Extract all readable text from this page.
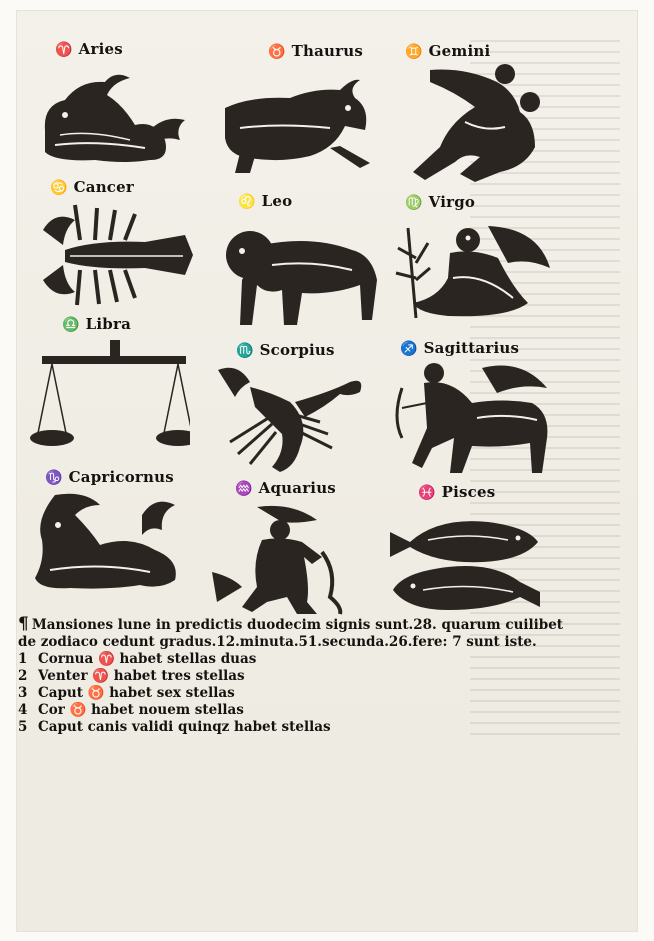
♈ Aries	♉ Thaurus	♊ Gemini
♋ Cancer
♌ Leo	♍ Virgo
♎ Libra
♏ Scorpius	♐ Sagittarius
♑ Capricornus
♒ Aquarius	♓ Pisces
¶ Mansiones lune in predictis duodecim signis sunt.28. quarum cuilibet
de zodiaco cedunt gradus.12.minuta.51.secunda.26.fere: 7 sunt iste.
1 Cornua ♈ habet stellas duas
2 Venter ♈ habet tres stellas
3 Caput ♉ habet sex stellas
4 Cor ♉ habet nouem stellas
5 Caput canis validi quinqz habet stellas
